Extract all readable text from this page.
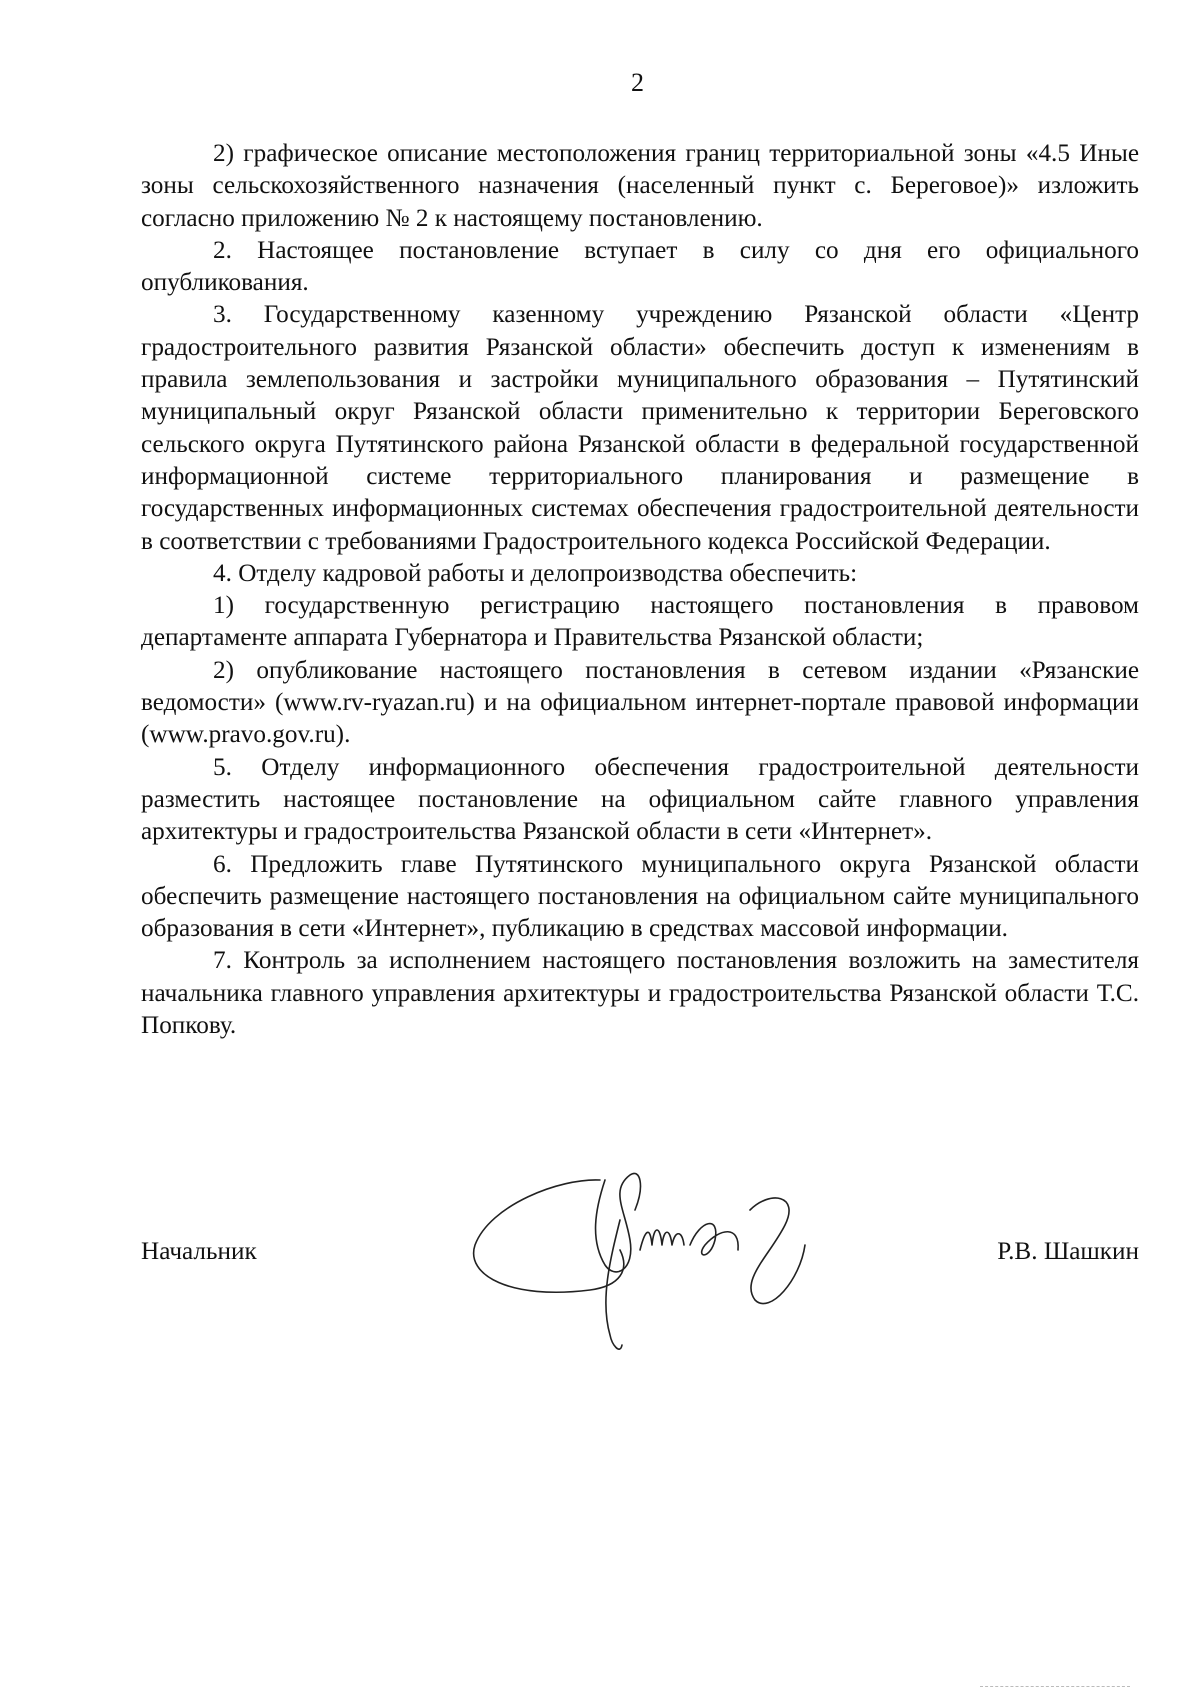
2

2) графическое описание местоположения границ территориальной зоны «4.5 Иные зоны сельскохозяйственного назначения (населенный пункт с. Береговое)» изложить согласно приложению № 2 к настоящему постановлению.

2. Настоящее постановление вступает в силу со дня его официального опубликования.

3. Государственному казенному учреждению Рязанской области «Центр градостроительного развития Рязанской области» обеспечить доступ к изменениям в правила землепользования и застройки муниципального образования – Путятинский муниципальный округ Рязанской области применительно к территории Береговского сельского округа Путятинского района Рязанской области в федеральной государственной информационной системе территориального планирования и размещение в государственных информационных системах обеспечения градостроительной деятельности в соответствии с требованиями Градостроительного кодекса Российской Федерации.

4. Отделу кадровой работы и делопроизводства обеспечить:

1) государственную регистрацию настоящего постановления в правовом департаменте аппарата Губернатора и Правительства Рязанской области;

2) опубликование настоящего постановления в сетевом издании «Рязанские ведомости» (www.rv-ryazan.ru) и на официальном интернет-портале правовой информации (www.pravo.gov.ru).

5. Отделу информационного обеспечения градостроительной деятельности разместить настоящее постановление на официальном сайте главного управления архитектуры и градостроительства Рязанской области в сети «Интернет».

6. Предложить главе Путятинского муниципального округа Рязанской области обеспечить размещение настоящего постановления на официальном сайте муниципального образования в сети «Интернет», публикацию в средствах массовой информации.

7. Контроль за исполнением настоящего постановления возложить на заместителя начальника главного управления архитектуры и градостроительства Рязанской области Т.С. Попкову.

Начальник	Р.В. Шашкин
